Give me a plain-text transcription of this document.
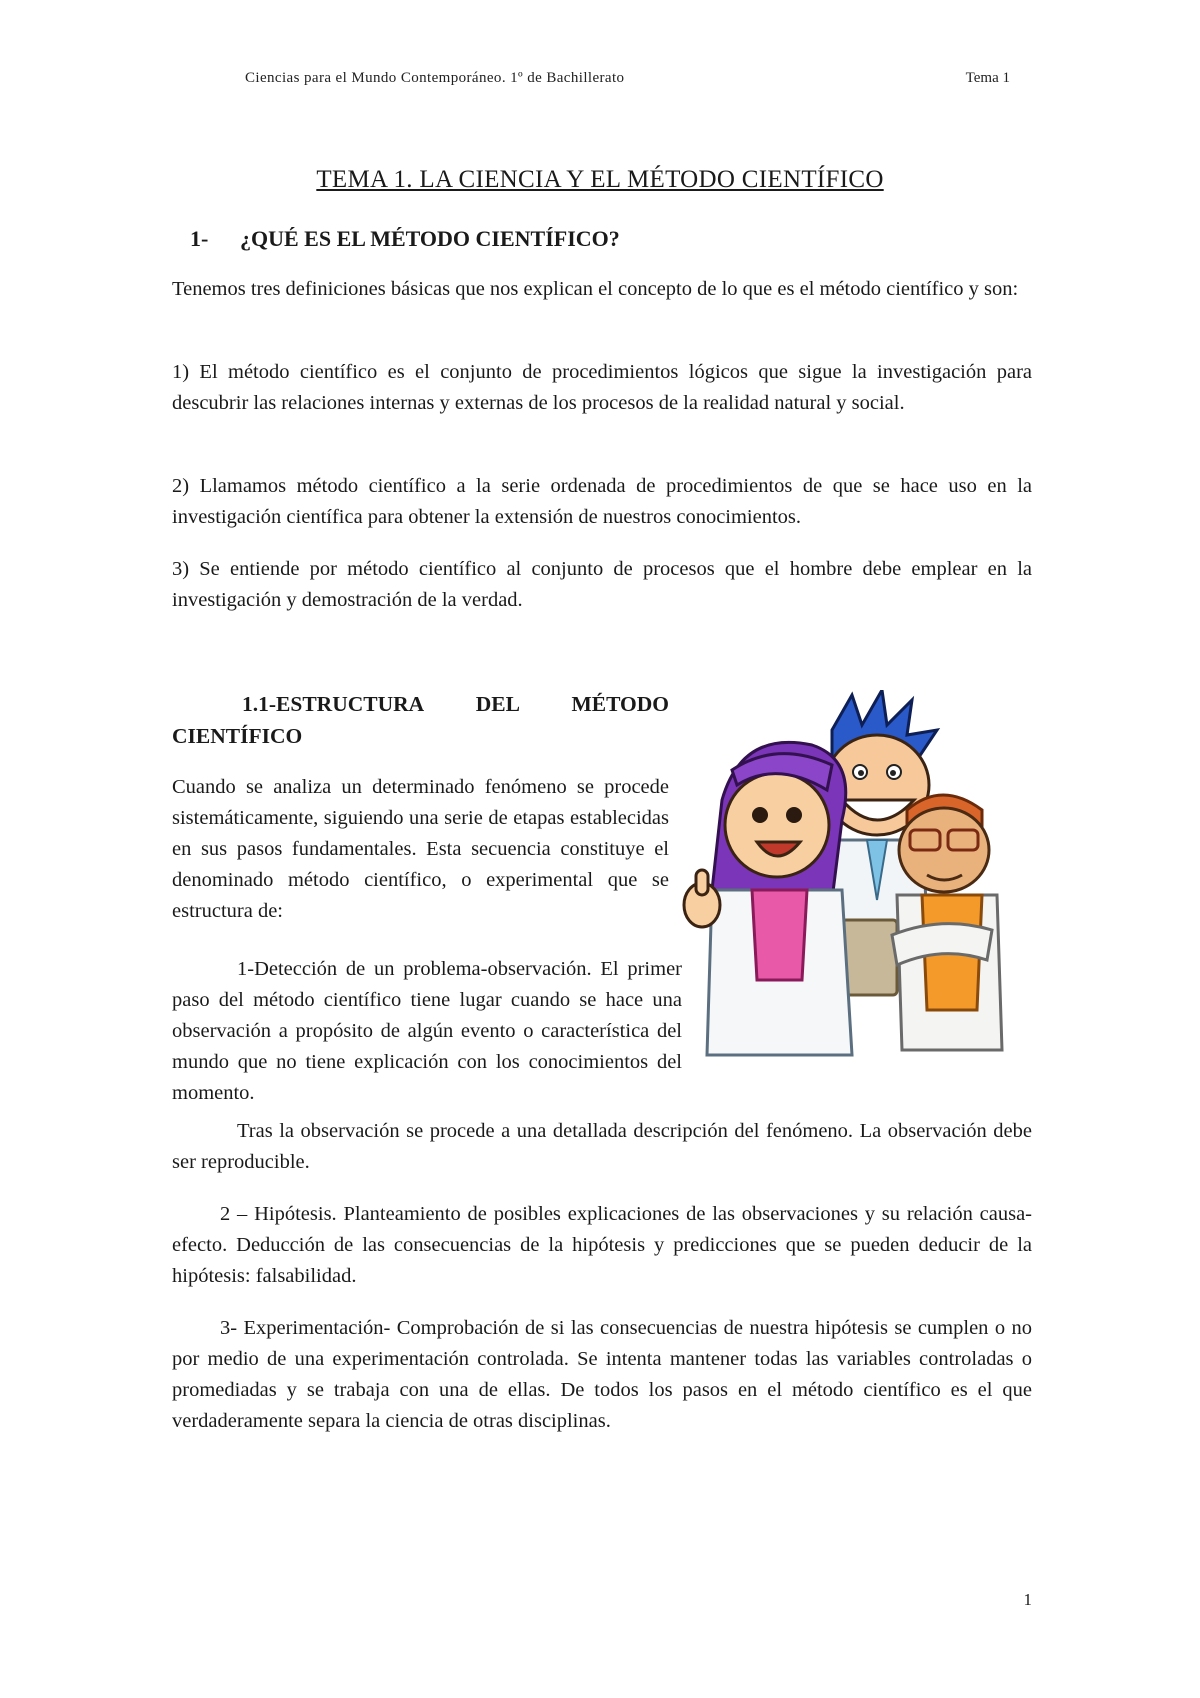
Ciencias para el Mundo Contemporáneo. 1º de Bachillerato	Tema 1
TEMA 1. LA CIENCIA Y EL MÉTODO CIENTÍFICO
1- ¿QUÉ ES EL MÉTODO CIENTÍFICO?

Tenemos tres definiciones básicas que nos explican el concepto de lo que es el método científico y son:

1) El método científico es el conjunto de procedimientos lógicos que sigue la investigación para descubrir las relaciones internas y externas de los procesos de la realidad natural y social.

2) Llamamos método científico a la serie ordenada de procedimientos de que se hace uso en la investigación científica para obtener la extensión de nuestros conocimientos.

3) Se entiende por método científico al conjunto de procesos que el hombre debe emplear en la investigación y demostración de la verdad.

1.1-ESTRUCTURA DEL MÉTODO
CIENTÍFICO

Cuando se analiza un determinado fenómeno se procede sistemáticamente, siguiendo una serie de etapas establecidas en sus pasos fundamentales. Esta secuencia constituye el denominado método científico, o experimental que se estructura de:

1-Detección de un problema-observación. El primer paso del método científico tiene lugar cuando se hace una observación a propósito de algún evento o característica del mundo que no tiene explicación con los conocimientos del momento.

Tras la observación se procede a una detallada descripción del fenómeno. La observación debe ser reproducible.

2 – Hipótesis. Planteamiento de posibles explicaciones de las observaciones y su relación causa-efecto. Deducción de las consecuencias de la hipótesis y predicciones que se pueden deducir de la hipótesis: falsabilidad.

3- Experimentación- Comprobación de si las consecuencias de nuestra hipótesis se cumplen o no por medio de una experimentación controlada. Se intenta mantener todas las variables controladas o promediadas y se trabaja con una de ellas. De todos los pasos en el método científico es el que verdaderamente separa la ciencia de otras disciplinas.

1
